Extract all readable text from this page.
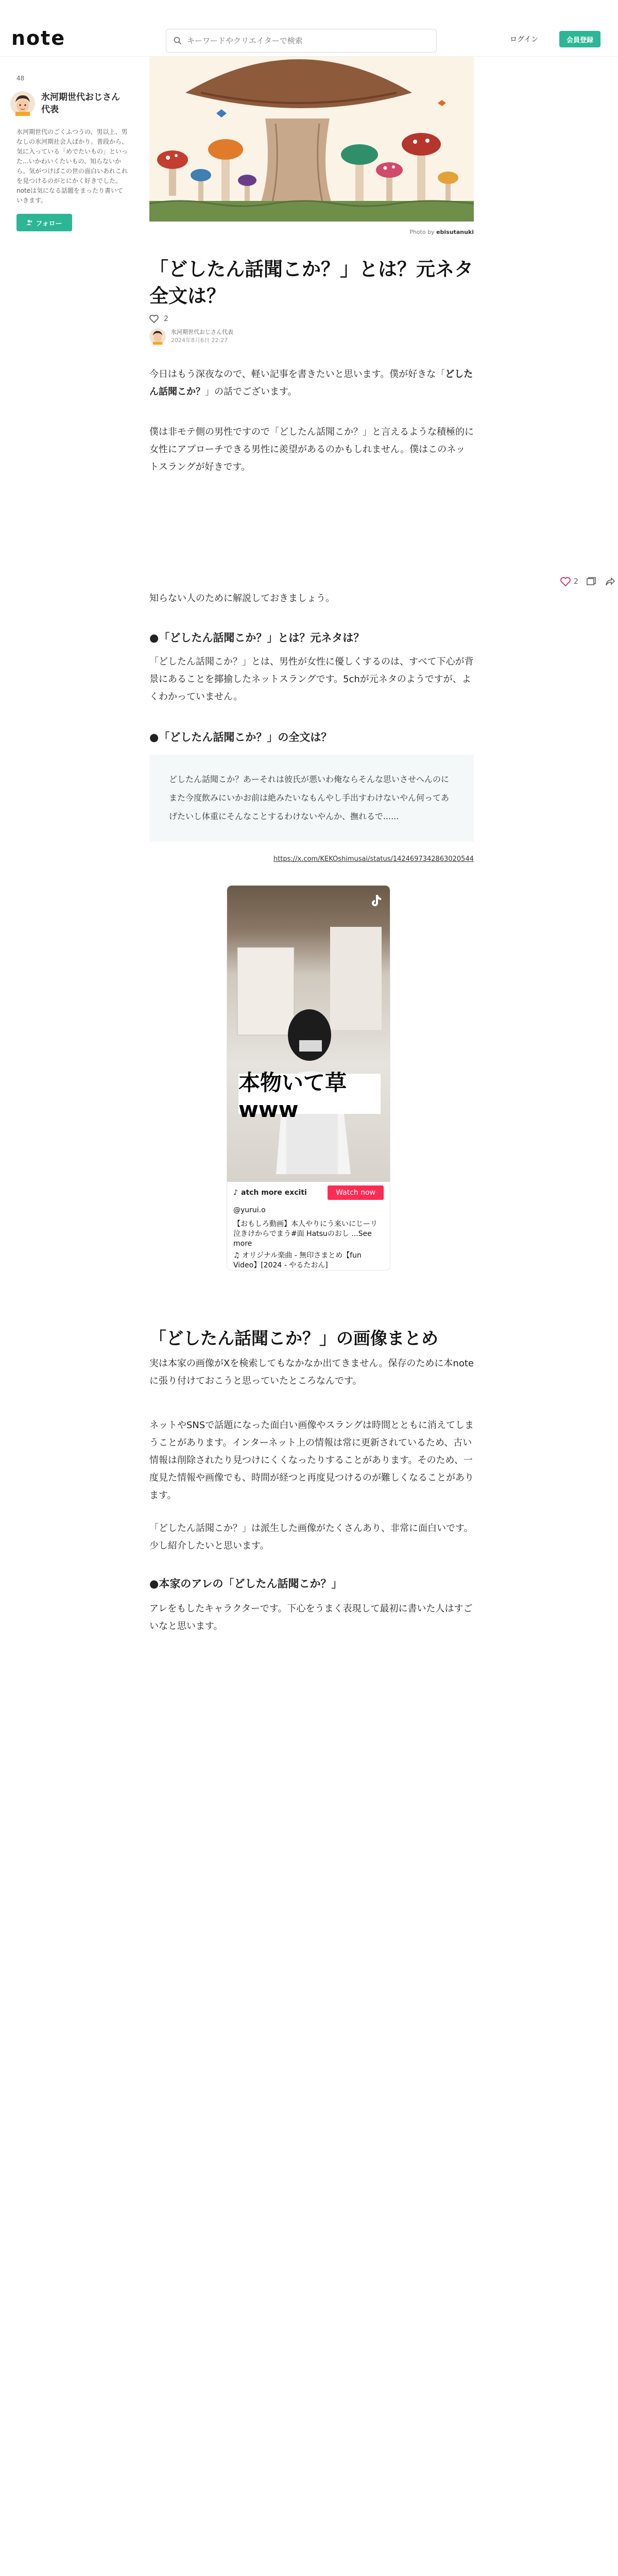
note
キーワードやクリエイターで検索	ログイン	会員登録
48
氷河期世代おじさん代表
氷河期世代のごくふつうの、男以上、男なしの氷河期社会人ばかり。普段から、気に入っている「めでたいもの」といった...いかわいくたいもの、知らないから。気がつけばこの世の面白いあれこれを見つけるのがとにかく好きでした。noteは気になる話題をまったり書いていきます。
フォロー
2
Photo by ebisutanuki
「どしたん話聞こか？」とは？元ネタ全文は？
2
氷河期世代おじさん代表
2024年8月6日 22:27
今日はもう深夜なので、軽い記事を書きたいと思います。僕が好きな「どしたん話聞こか？」の話でございます。
僕は非モテ側の男性ですので「どしたん話聞こか？」と言えるような積極的に女性にアプローチできる男性に羨望があるのかもしれません。僕はこのネットスラングが好きです。
知らない人のために解説しておきましょう。
●「どしたん話聞こか？」とは？元ネタは？
「どしたん話聞こか？」とは、男性が女性に優しくするのは、すべて下心が背景にあることを揶揄したネットスラングです。5chが元ネタのようですが、よくわかっていません。
●「どしたん話聞こか？」の全文は？
どしたん話聞こか？あーそれは彼氏が悪いわ俺ならそんな思いさせへんのにまた今度飲みにいかお前は絶みたいなもんやし手出すわけないやん何ってあげたいし体重にそんなことするわけないやんか、撫れるで......
https://x.com/KEKOshimusai/status/1424697342863020544
本物いて草www
♪ atch more exciti	Watch now
@yurui.o
【おもしろ動画】本人やりにう来いにじーリ泣きけからでまう#面 Hatsuのおし ...See more
♫ オリジナル楽曲 - 無印さまとめ【fun Video】[2024 - やるたおん]
「どしたん話聞こか？」の画像まとめ
実は本家の画像がXを検索してもなかなか出てきません。保存のために本noteに張り付けておこうと思っていたところなんです。
ネットやSNSで話題になった面白い画像やスラングは時間とともに消えてしまうことがあります。インターネット上の情報は常に更新されているため、古い情報は削除されたり見つけにくくなったりすることがあります。そのため、一度見た情報や画像でも、時間が経つと再度見つけるのが難しくなることがあります。
「どしたん話聞こか？」は派生した画像がたくさんあり、非常に面白いです。少し紹介したいと思います。
●本家のアレの「どしたん話聞こか？」
アレをもしたキャラクターです。下心をうまく表現して最初に書いた人はすごいなと思います。
